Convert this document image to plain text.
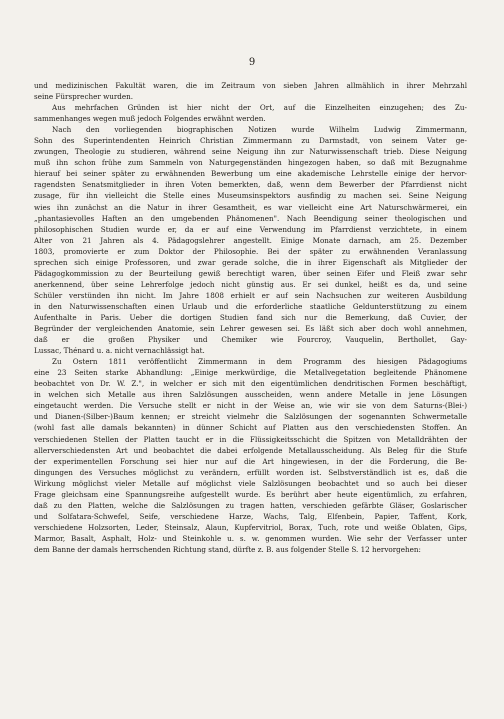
9
und medizinischen Fakultät waren, die im Zeitraum von sieben Jahren allmählich in ihrer Mehrzahl
seine Fürsprecher wurden.
Aus mehrfachen Gründen ist hier nicht der Ort, auf die Einzelheiten einzugehen; des Zu-
sammenhanges wegen muß jedoch Folgendes erwähnt werden.
Nach den vorliegenden biographischen Notizen wurde Wilhelm Ludwig Zimmermann,
Sohn des Superintendenten Heinrich Christian Zimmermann zu Darmstadt, von seinem Vater ge-
zwungen, Theologie zu studieren, während seine Neigung ihn zur Naturwissenschaft trieb. Diese Neigung
muß ihn schon frühe zum Sammeln von Naturgegenständen hingezogen haben, so daß mit Bezugnahme
hierauf bei seiner später zu erwähnenden Bewerbung um eine akademische Lehrstelle einige der hervor-
ragendsten Senatsmitglieder in ihren Voten bemerkten, daß, wenn dem Bewerber der Pfarrdienst nicht
zusage, für ihn vielleicht die Stelle eines Museumsinspektors ausfindig zu machen sei. Seine Neigung
wies ihn zunächst an die Natur in ihrer Gesamtheit, es war vielleicht eine Art Naturschwärmerei, ein
„phantasievolles Haften an den umgebenden Phänomenen". Nach Beendigung seiner theologischen und
philosophischen Studien wurde er, da er auf eine Verwendung im Pfarrdienst verzichtete, in einem
Alter von 21 Jahren als 4. Pädagogslehrer angestellt. Einige Monate darnach, am 25. Dezember
1803, promovierte er zum Doktor der Philosophie. Bei der später zu erwähnenden Veranlassung
sprechen sich einige Professoren, und zwar gerade solche, die in ihrer Eigenschaft als Mitglieder der
Pädagogkommission zu der Beurteilung gewiß berechtigt waren, über seinen Eifer und Fleiß zwar sehr
anerkennend, über seine Lehrerfolge jedoch nicht günstig aus. Er sei dunkel, heißt es da, und seine
Schüler verstünden ihn nicht. Im Jahre 1808 erhielt er auf sein Nachsuchen zur weiteren Ausbildung
in den Naturwissenschaften einen Urlaub und die erforderliche staatliche Geldunterstützung zu einem
Aufenthalte in Paris. Ueber die dortigen Studien fand sich nur die Bemerkung, daß Cuvier, der
Begründer der vergleichenden Anatomie, sein Lehrer gewesen sei. Es läßt sich aber doch wohl annehmen,
daß er die großen Physiker und Chemiker wie Fourcroy, Vauquelin, Berthollet, Gay-
Lussac, Thénard u. a. nicht vernachlässigt hat.
Zu Ostern 1811 veröffentlicht Zimmermann in dem Programm des hiesigen Pädagogiums
eine 23 Seiten starke Abhandlung: „Einige merkwürdige, die Metallvegetation begleitende Phänomene
beobachtet von Dr. W. Z.", in welcher er sich mit den eigentümlichen dendritischen Formen beschäftigt,
in welchen sich Metalle aus ihren Salzlösungen ausscheiden, wenn andere Metalle in jene Lösungen
eingetaucht werden. Die Versuche stellt er nicht in der Weise an, wie wir sie von dem Saturns-(Blei-)
und Dianen-(Silber-)Baum kennen; er streicht vielmehr die Salzlösungen der sogenannten Schwermetalle
(wohl fast alle damals bekannten) in dünner Schicht auf Platten aus den verschiedensten Stoffen. An
verschiedenen Stellen der Platten taucht er in die Flüssigkeitsschicht die Spitzen von Metalldrähten der
allerverschiedensten Art und beobachtet die dabei erfolgende Metallausscheidung. Als Beleg für die Stufe
der experimentellen Forschung sei hier nur auf die Art hingewiesen, in der die Forderung, die Be-
dingungen des Versuches möglichst zu verändern, erfüllt worden ist. Selbstverständlich ist es, daß die
Wirkung möglichst vieler Metalle auf möglichst viele Salzlösungen beobachtet und so auch bei dieser
Frage gleichsam eine Spannungsreihe aufgestellt wurde. Es berührt aber heute eigentümlich, zu erfahren,
daß zu den Platten, welche die Salzlösungen zu tragen hatten, verschieden gefärbte Gläser, Goslarischer
und Solfatara-Schwefel, Seife, verschiedene Harze, Wachs, Talg, Elfenbein, Papier, Taffent, Kork,
verschiedene Holzsorten, Leder, Steinsalz, Alaun, Kupfervitriol, Borax, Tuch, rote und weiße Oblaten, Gips,
Marmor, Basalt, Asphalt, Holz- und Steinkohle u. s. w. genommen wurden. Wie sehr der Verfasser unter
dem Banne der damals herrschenden Richtung stand, dürfte z. B. aus folgender Stelle S. 12 hervorgehen:
